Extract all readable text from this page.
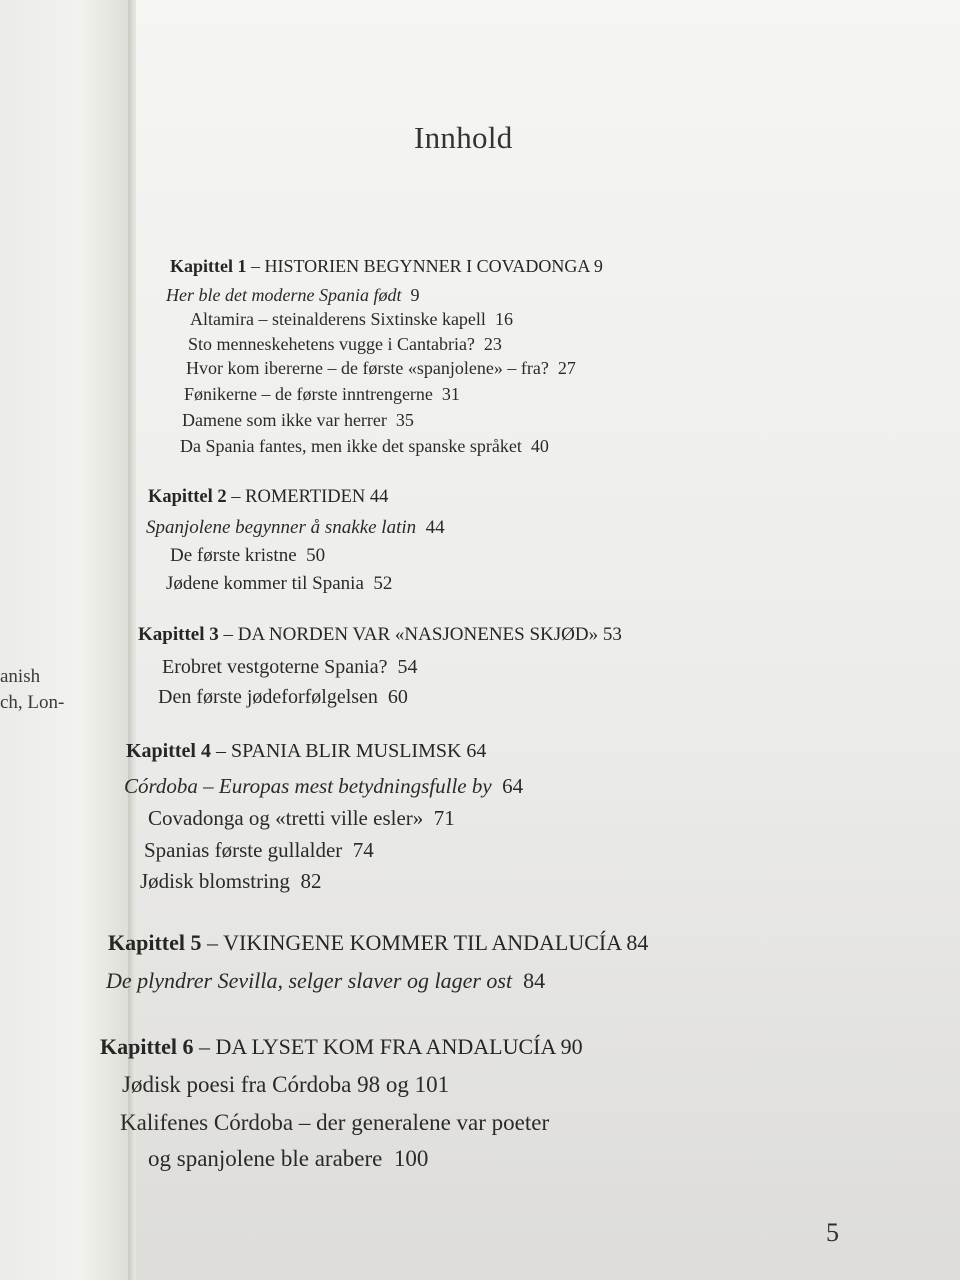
anish
ch, Lon-
Innhold
Kapittel 1 – HISTORIEN BEGYNNER I COVADONGA 9
Her ble det moderne Spania født 9
Altamira – steinalderens Sixtinske kapell 16
Sto menneskehetens vugge i Cantabria? 23
Hvor kom ibererne – de første «spanjolene» – fra? 27
Fønikerne – de første inntrengerne 31
Damene som ikke var herrer 35
Da Spania fantes, men ikke det spanske språket 40
Kapittel 2 – ROMERTIDEN 44
Spanjolene begynner å snakke latin 44
De første kristne 50
Jødene kommer til Spania 52
Kapittel 3 – DA NORDEN VAR «NASJONENES SKJØD» 53
Erobret vestgoterne Spania? 54
Den første jødeforfølgelsen 60
Kapittel 4 – SPANIA BLIR MUSLIMSK 64
Córdoba – Europas mest betydningsfulle by 64
Covadonga og «tretti ville esler» 71
Spanias første gullalder 74
Jødisk blomstring 82
Kapittel 5 – VIKINGENE KOMMER TIL ANDALUCÍA 84
De plyndrer Sevilla, selger slaver og lager ost 84
Kapittel 6 – DA LYSET KOM FRA ANDALUCÍA 90
Jødisk poesi fra Córdoba 98 og 101
Kalifenes Córdoba – der generalene var poeter
og spanjolene ble arabere 100
5
